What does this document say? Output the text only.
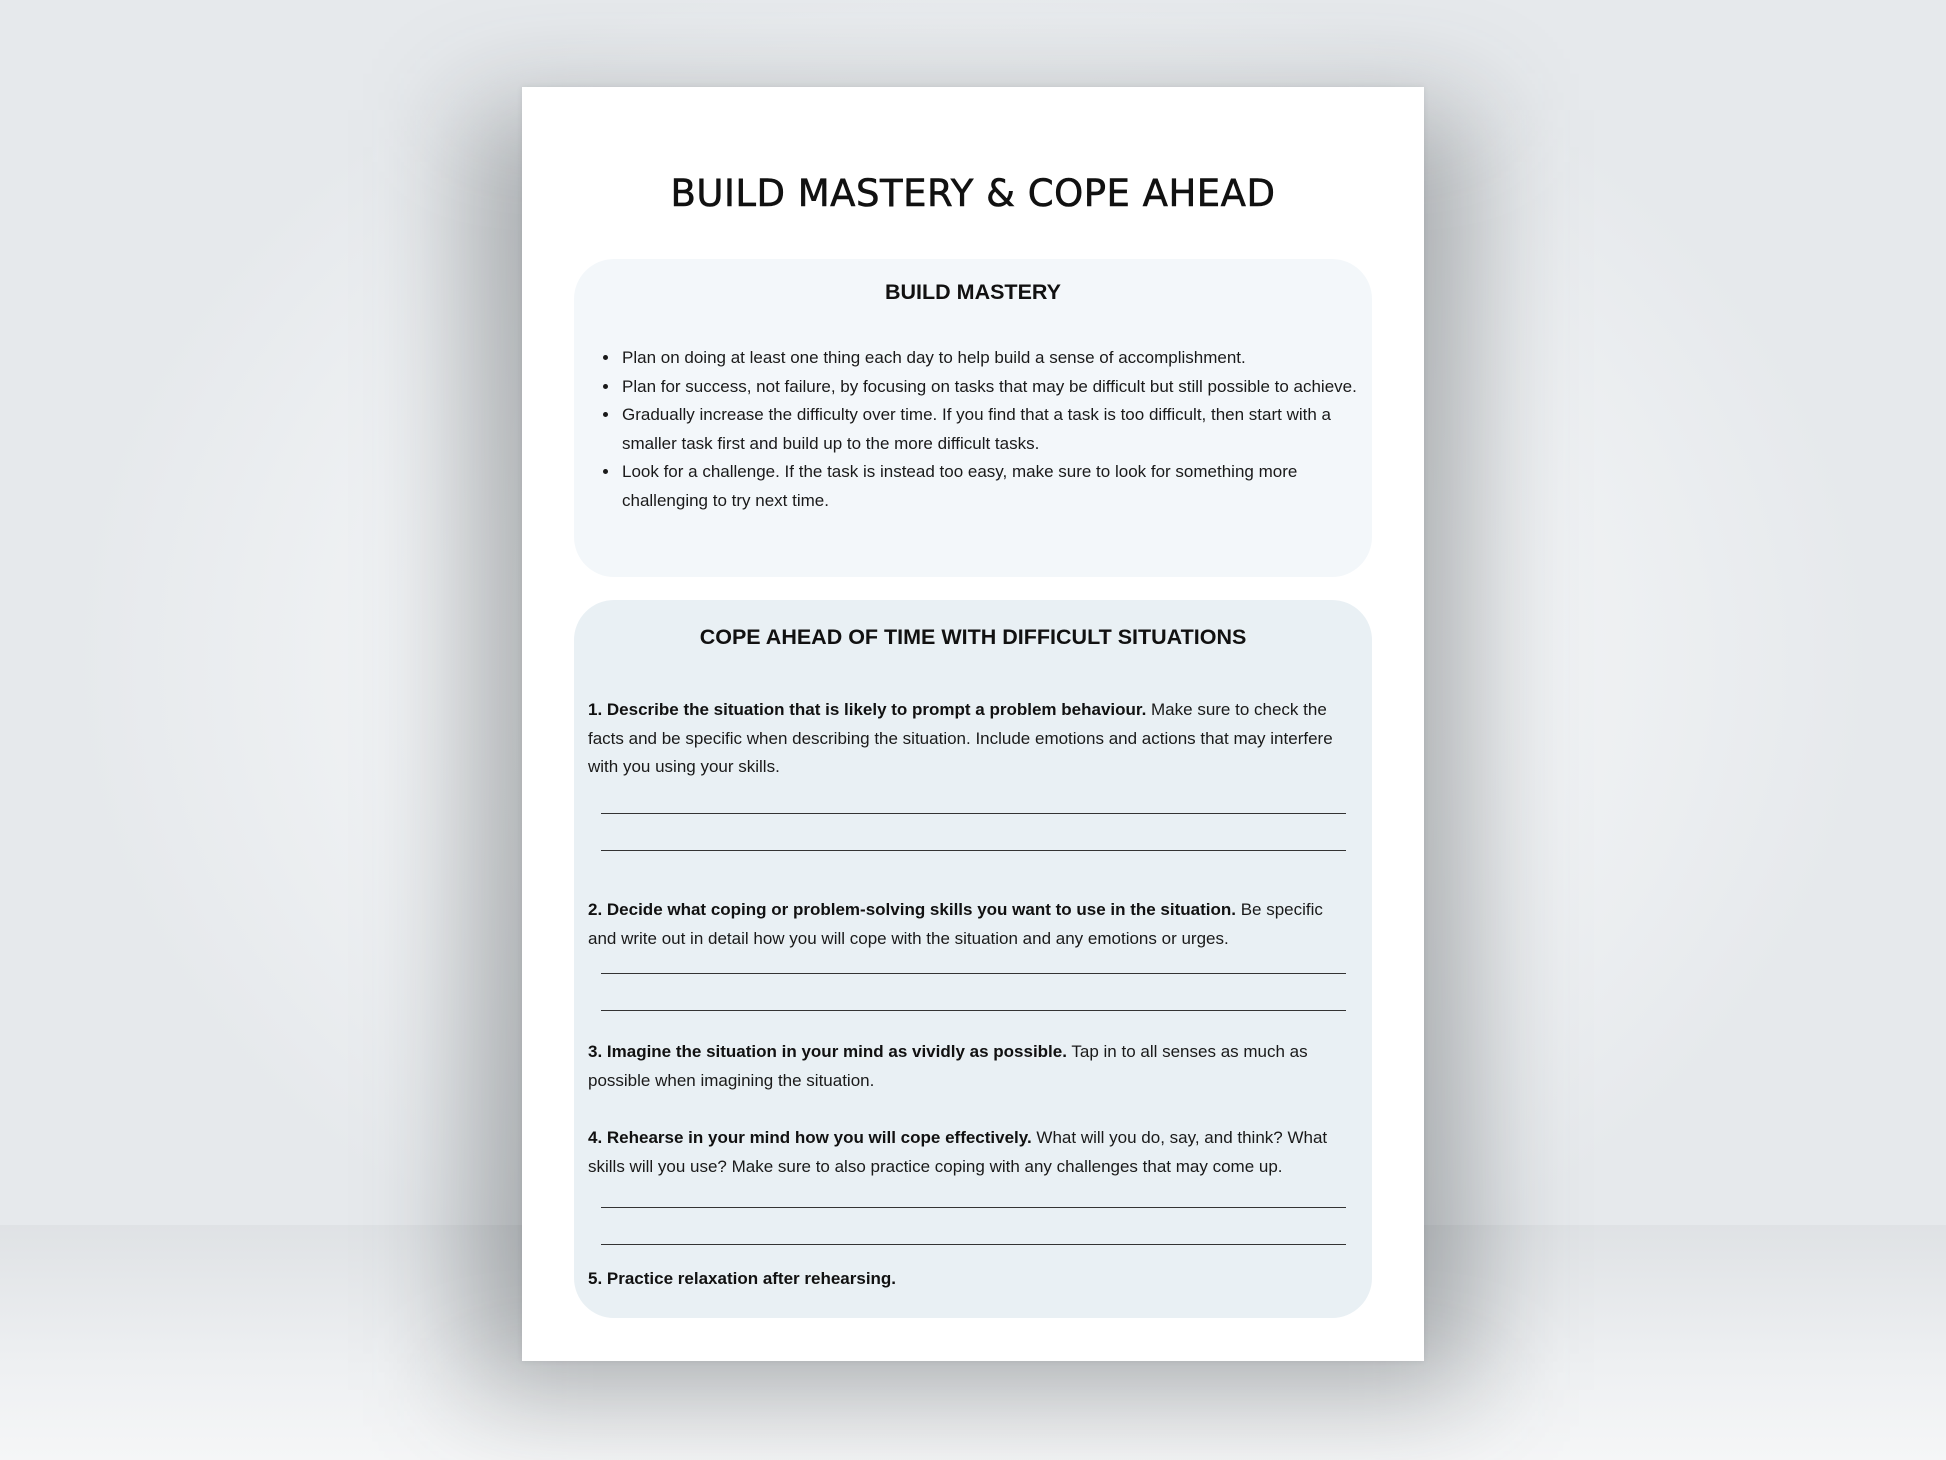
BUILD MASTERY & COPE AHEAD
BUILD MASTERY
• Plan on doing at least one thing each day to help build a sense of accomplishment.
• Plan for success, not failure, by focusing on tasks that may be difficult but still possible to achieve.
• Gradually increase the difficulty over time. If you find that a task is too difficult, then start with a smaller task first and build up to the more difficult tasks.
• Look for a challenge. If the task is instead too easy, make sure to look for something more challenging to try next time.
COPE AHEAD OF TIME WITH DIFFICULT SITUATIONS
1. Describe the situation that is likely to prompt a problem behaviour. Make sure to check the facts and be specific when describing the situation. Include emotions and actions that may interfere with you using your skills.
2. Decide what coping or problem-solving skills you want to use in the situation. Be specific and write out in detail how you will cope with the situation and any emotions or urges.
3. Imagine the situation in your mind as vividly as possible. Tap in to all senses as much as possible when imagining the situation.
4. Rehearse in your mind how you will cope effectively. What will you do, say, and think? What skills will you use? Make sure to also practice coping with any challenges that may come up.
5. Practice relaxation after rehearsing.
